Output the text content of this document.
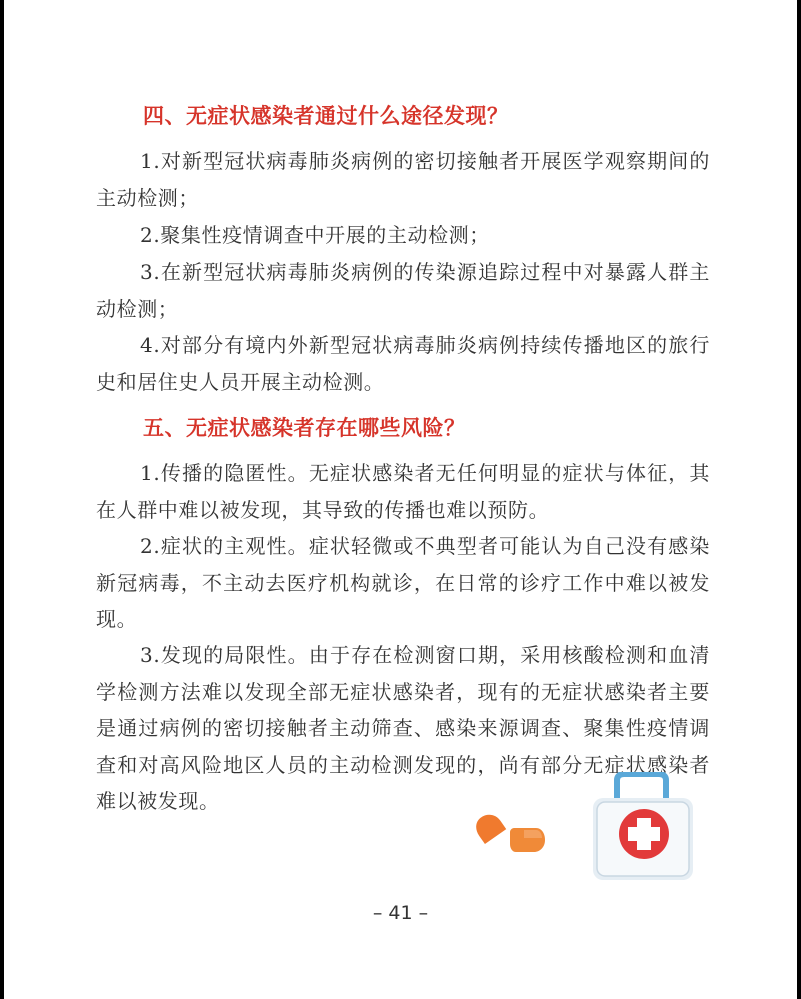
四、无症状感染者通过什么途径发现？

1.对新型冠状病毒肺炎病例的密切接触者开展医学观察期间的主动检测；

2.聚集性疫情调查中开展的主动检测；

3.在新型冠状病毒肺炎病例的传染源追踪过程中对暴露人群主动检测；

4.对部分有境内外新型冠状病毒肺炎病例持续传播地区的旅行史和居住史人员开展主动检测。

五、无症状感染者存在哪些风险？

1.传播的隐匿性。无症状感染者无任何明显的症状与体征，其在人群中难以被发现，其导致的传播也难以预防。

2.症状的主观性。症状轻微或不典型者可能认为自己没有感染新冠病毒，不主动去医疗机构就诊，在日常的诊疗工作中难以被发现。

3.发现的局限性。由于存在检测窗口期，采用核酸检测和血清学检测方法难以发现全部无症状感染者，现有的无症状感染者主要是通过病例的密切接触者主动筛查、感染来源调查、聚集性疫情调查和对高风险地区人员的主动检测发现的，尚有部分无症状感染者难以被发现。

– 41 –
